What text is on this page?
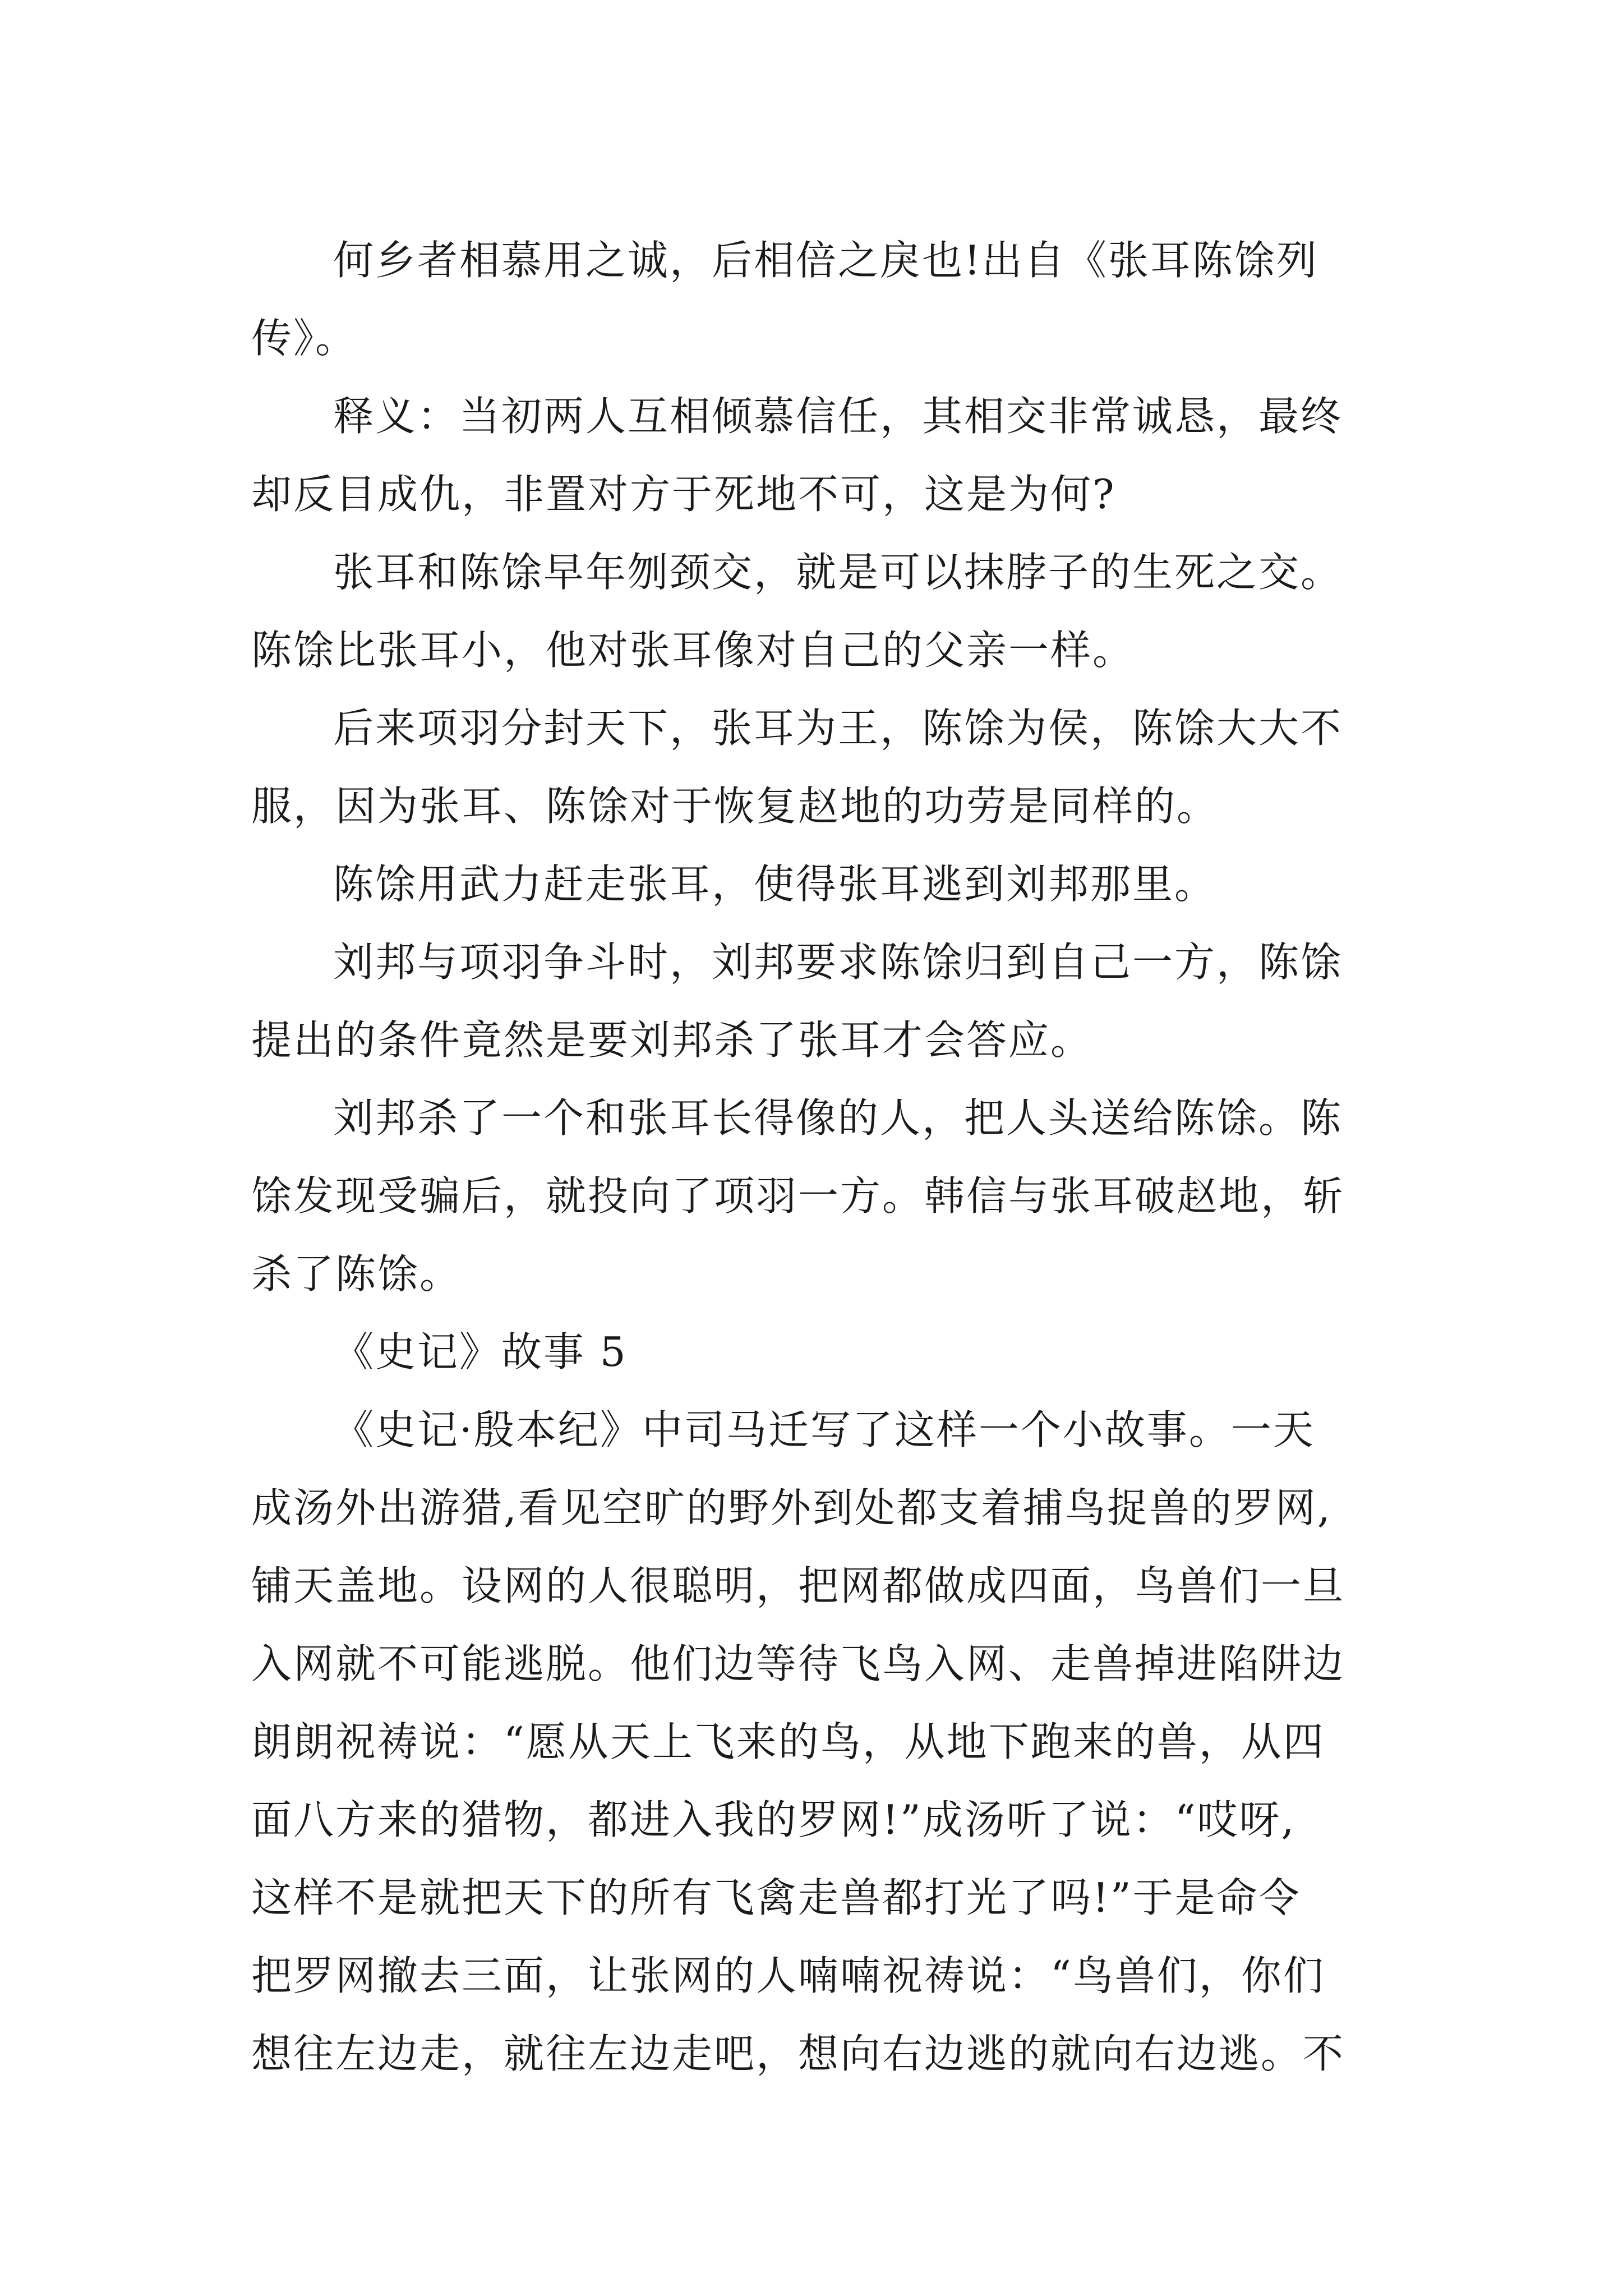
何乡者相慕用之诚，后相倍之戾也!出自《张耳陈馀列
传》。
释义：当初两人互相倾慕信任，其相交非常诚恳，最终
却反目成仇，非置对方于死地不可，这是为何?
张耳和陈馀早年刎颈交，就是可以抹脖子的生死之交。
陈馀比张耳小，他对张耳像对自己的父亲一样。
后来项羽分封天下，张耳为王，陈馀为侯，陈馀大大不
服，因为张耳、陈馀对于恢复赵地的功劳是同样的。
陈馀用武力赶走张耳，使得张耳逃到刘邦那里。
刘邦与项羽争斗时，刘邦要求陈馀归到自己一方，陈馀
提出的条件竟然是要刘邦杀了张耳才会答应。
刘邦杀了一个和张耳长得像的人，把人头送给陈馀。陈
馀发现受骗后，就投向了项羽一方。韩信与张耳破赵地，斩
杀了陈馀。
《史记》故事 5
《史记·殷本纪》中司马迁写了这样一个小故事。一天
成汤外出游猎,看见空旷的野外到处都支着捕鸟捉兽的罗网,
铺天盖地。设网的人很聪明，把网都做成四面，鸟兽们一旦
入网就不可能逃脱。他们边等待飞鸟入网、走兽掉进陷阱边
朗朗祝祷说：“愿从天上飞来的鸟，从地下跑来的兽，从四
面八方来的猎物，都进入我的罗网!”成汤听了说：“哎呀,
这样不是就把天下的所有飞禽走兽都打光了吗!”于是命令
把罗网撤去三面，让张网的人喃喃祝祷说：“鸟兽们，你们
想往左边走，就往左边走吧，想向右边逃的就向右边逃。不
